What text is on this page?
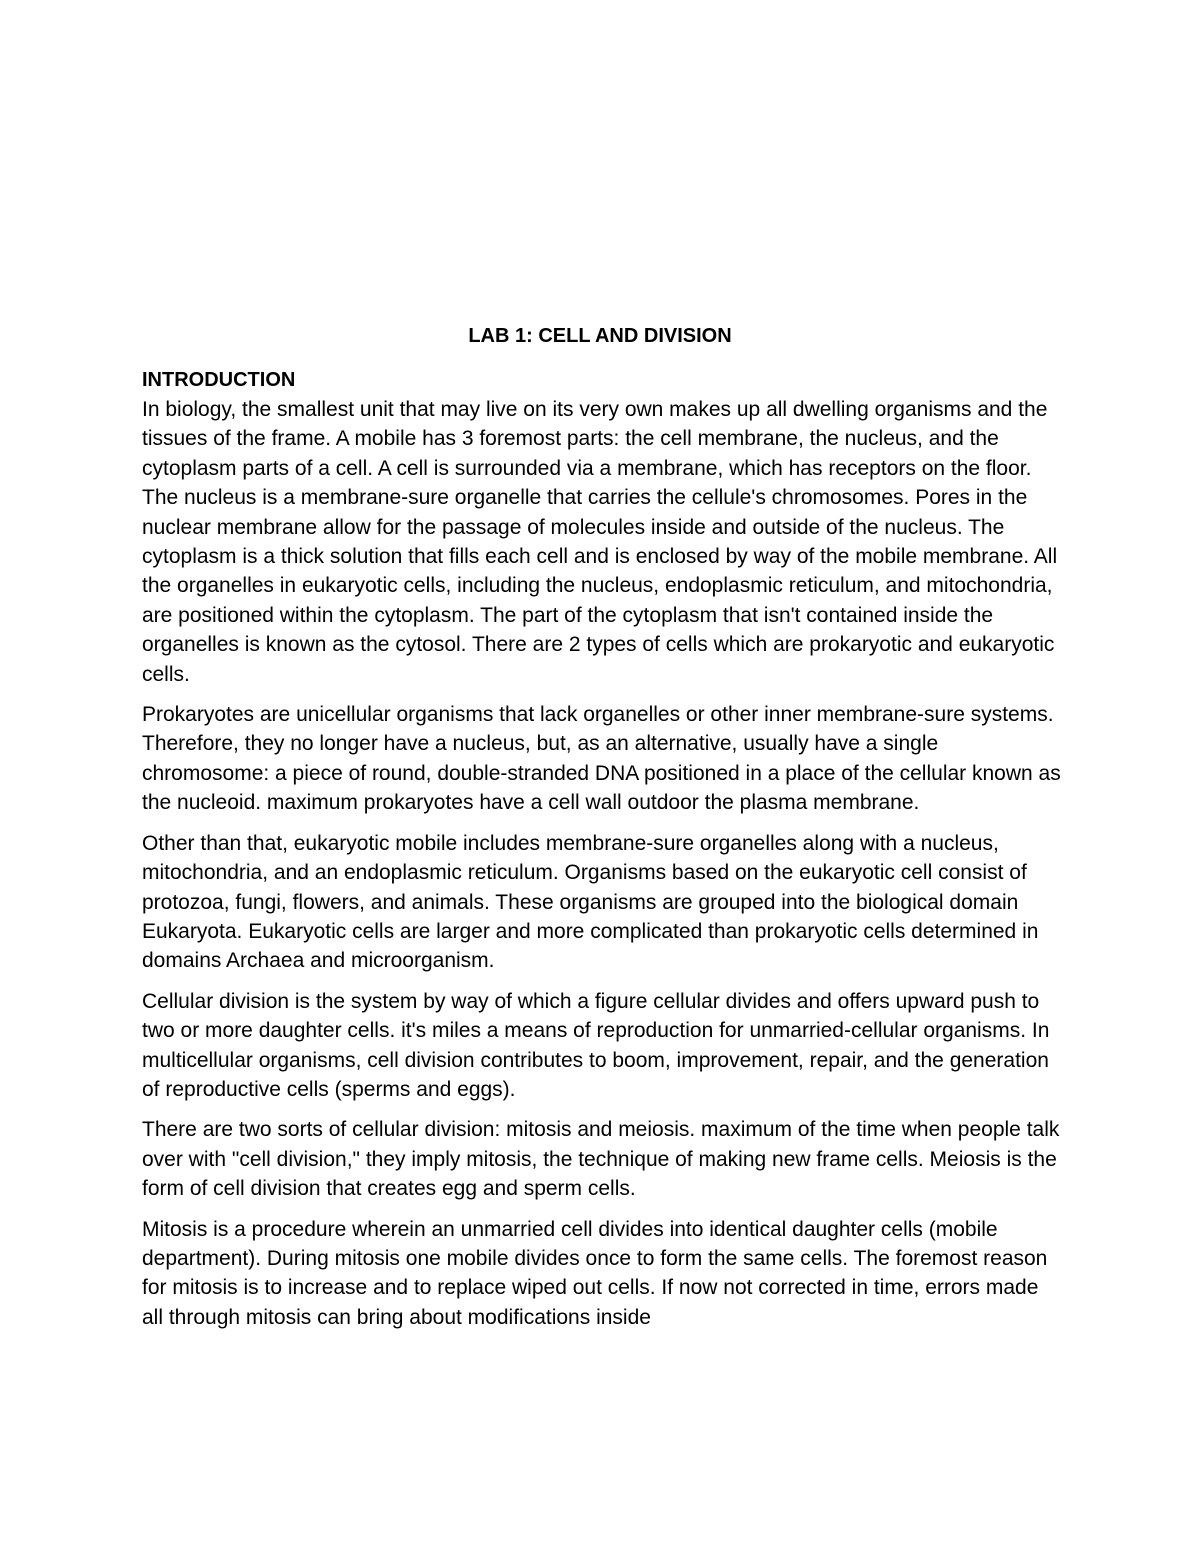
LAB 1: CELL AND DIVISION
INTRODUCTION

In biology, the smallest unit that may live on its very own makes up all dwelling organisms and the tissues of the frame. A mobile has 3 foremost parts: the cell membrane, the nucleus, and the cytoplasm parts of a cell. A cell is surrounded via a membrane, which has receptors on the floor. The nucleus is a membrane-sure organelle that carries the cellule's chromosomes. Pores in the nuclear membrane allow for the passage of molecules inside and outside of the nucleus. The cytoplasm is a thick solution that fills each cell and is enclosed by way of the mobile membrane. All the organelles in eukaryotic cells, including the nucleus, endoplasmic reticulum, and mitochondria, are positioned within the cytoplasm. The part of the cytoplasm that isn't contained inside the organelles is known as the cytosol. There are 2 types of cells which are prokaryotic and eukaryotic cells.

Prokaryotes are unicellular organisms that lack organelles or other inner membrane-sure systems. Therefore, they no longer have a nucleus, but, as an alternative, usually have a single chromosome: a piece of round, double-stranded DNA positioned in a place of the cellular known as the nucleoid. maximum prokaryotes have a cell wall outdoor the plasma membrane.

Other than that, eukaryotic mobile includes membrane-sure organelles along with a nucleus, mitochondria, and an endoplasmic reticulum. Organisms based on the eukaryotic cell consist of protozoa, fungi, flowers, and animals. These organisms are grouped into the biological domain Eukaryota. Eukaryotic cells are larger and more complicated than prokaryotic cells determined in domains Archaea and microorganism.

Cellular division is the system by way of which a figure cellular divides and offers upward push to two or more daughter cells. it's miles a means of reproduction for unmarried-cellular organisms. In multicellular organisms, cell division contributes to boom, improvement, repair, and the generation of reproductive cells (sperms and eggs).

There are two sorts of cellular division: mitosis and meiosis. maximum of the time when people talk over with "cell division," they imply mitosis, the technique of making new frame cells. Meiosis is the form of cell division that creates egg and sperm cells.

Mitosis is a procedure wherein an unmarried cell divides into identical daughter cells (mobile department). During mitosis one mobile divides once to form the same cells. The foremost reason for mitosis is to increase and to replace wiped out cells. If now not corrected in time, errors made all through mitosis can bring about modifications inside
